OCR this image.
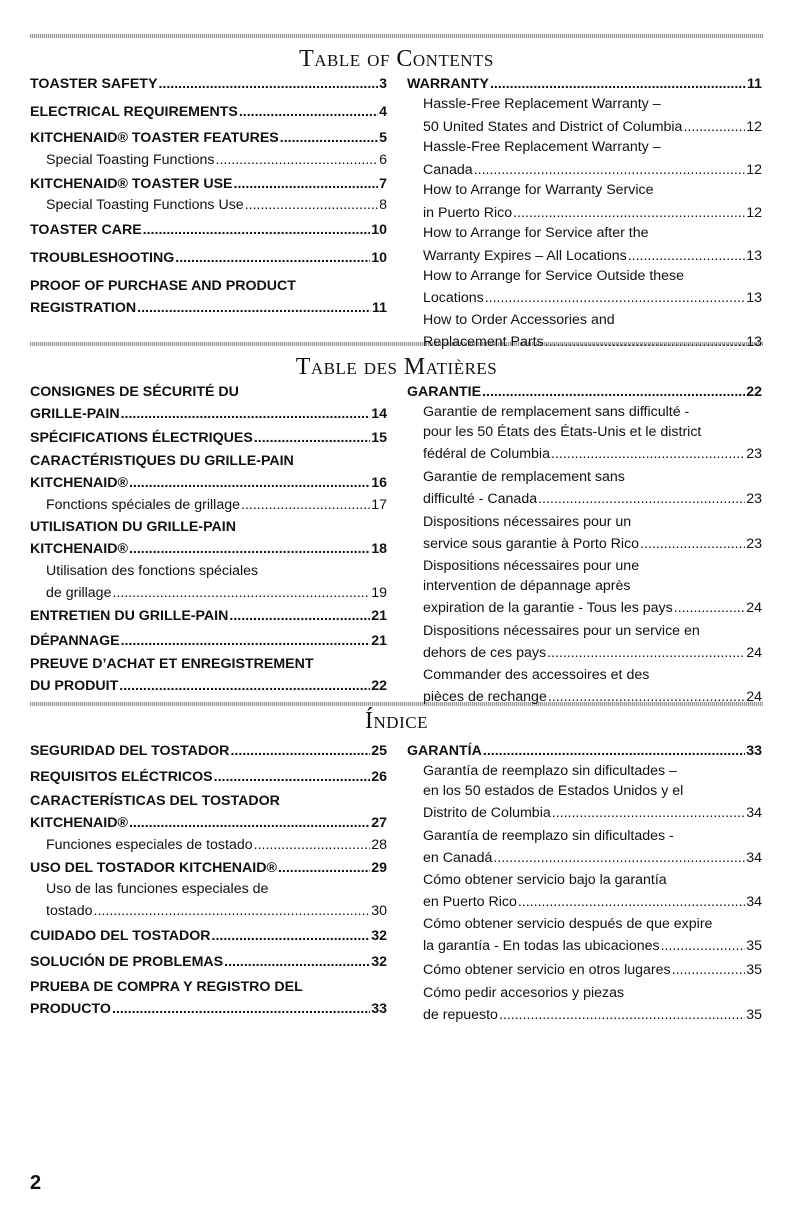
Table of Contents
Table des Matières
Índice
TOASTER SAFETY .....	3
ELECTRICAL REQUIREMENTS .....	4
KITCHENAID® TOASTER FEATURES .....	5
Special Toasting Functions .....	6
KITCHENAID® TOASTER USE .....	7
Special Toasting Functions Use .....	8
TOASTER CARE .....	10
TROUBLESHOOTING .....	10
PROOF OF PURCHASE AND PRODUCT
REGISTRATION .....	11
WARRANTY .....	11
Hassle-Free Replacement Warranty –
50 United States and District of Columbia .....	12
Hassle-Free Replacement Warranty –
Canada .....	12
How to Arrange for Warranty Service
in Puerto Rico .....	12
How to Arrange for Service after the
Warranty Expires – All Locations .....	13
How to Arrange for Service Outside these
Locations .....	13
How to Order Accessories and
Replacement Parts .....	13
CONSIGNES DE SÉCURITÉ DU
GRILLE-PAIN .....	14
SPÉCIFICATIONS ÉLECTRIQUES .....	15
CARACTÉRISTIQUES DU GRILLE-PAIN
KITCHENAID® .....	16
Fonctions spéciales de grillage .....	17
UTILISATION DU GRILLE-PAIN
KITCHENAID® .....	18
Utilisation des fonctions spéciales
de grillage .....	19
ENTRETIEN DU GRILLE-PAIN .....	21
DÉPANNAGE .....	21
PREUVE D’ACHAT ET ENREGISTREMENT
DU PRODUIT .....	22
GARANTIE .....	22
Garantie de remplacement sans difficulté -
pour les 50 États des États-Unis et le district
fédéral de Columbia .....	23
Garantie de remplacement sans
difficulté - Canada .....	23
Dispositions nécessaires pour un
service sous garantie à Porto Rico .....	23
Dispositions nécessaires pour une
intervention de dépannage après
expiration de la garantie - Tous les pays .....	24
Dispositions nécessaires pour un service en
dehors de ces pays .....	24
Commander des accessoires et des
pièces de rechange .....	24
SEGURIDAD DEL TOSTADOR .....	25
REQUISITOS ELÉCTRICOS .....	26
CARACTERÍSTICAS DEL TOSTADOR
KITCHENAID® .....	27
Funciones especiales de tostado .....	28
USO DEL TOSTADOR KITCHENAID® .....	29
Uso de las funciones especiales de
tostado .....	30
CUIDADO DEL TOSTADOR .....	32
SOLUCIÓN DE PROBLEMAS .....	32
PRUEBA DE COMPRA Y REGISTRO DEL
PRODUCTO .....	33
GARANTÍA .....	33
Garantía de reemplazo sin dificultades –
en los 50 estados de Estados Unidos y el
Distrito de Columbia .....	34
Garantía de reemplazo sin dificultades -
en Canadá .....	34
Cómo obtener servicio bajo la garantía
en Puerto Rico .....	34
Cómo obtener servicio después de que expire
la garantía - En todas las ubicaciones .....	35
Cómo obtener servicio en otros lugares .....	35
Cómo pedir accesorios y piezas
de repuesto .....	35
2
